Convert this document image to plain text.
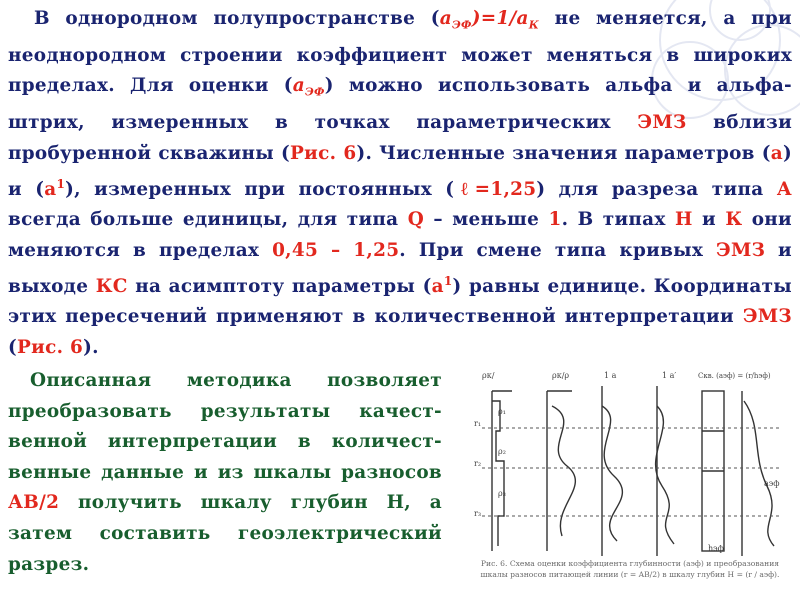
В однородном полупространстве $(a_{ЭФ})=1/a_К$ не меняется, а при неоднородном строении коэффициент может меняться в широких пределах. Для оценки $(a_{ЭФ})$ можно использовать альфа и альфа-штрих, измеренных в точках параметрических ЭМЗ вблизи пробуренной скважины (Рис. 6). Численные значения параметров (a) и $(a^1)$, измеренных при постоянных (ℓ=1,25) для разреза типа А всегда больше единицы, для типа Q – меньше 1. В типах Н и К они меняются в пределах 0,45 – 1,25. При смене типа кривых ЭМЗ и выходе КС на асимптоту параметры $(a^1)$ равны единице. Координаты этих пересечений применяют в количественной интерпретации ЭМЗ (Рис. 6).
Описанная методика позволяет преобразовать результаты качест-венной интерпретации в количест-венные данные и из шкалы разносов АВ/2 получить шкалу глубин Н, а затем составить геоэлектрический разрез.
ρк/	ρк/ρ	1 a	1 a′	Скв. (aэф) = (r/hэф)
ρ₁
ρ₂
ρ₃
r₁
r₂
r₃
hэф
aэф
Рис. 6. Схема оценки коэффициента глубинности (aэф) и преобразования шкалы разносов питающей линии (r = AB/2) в шкалу глубин H = (r / aэф).
